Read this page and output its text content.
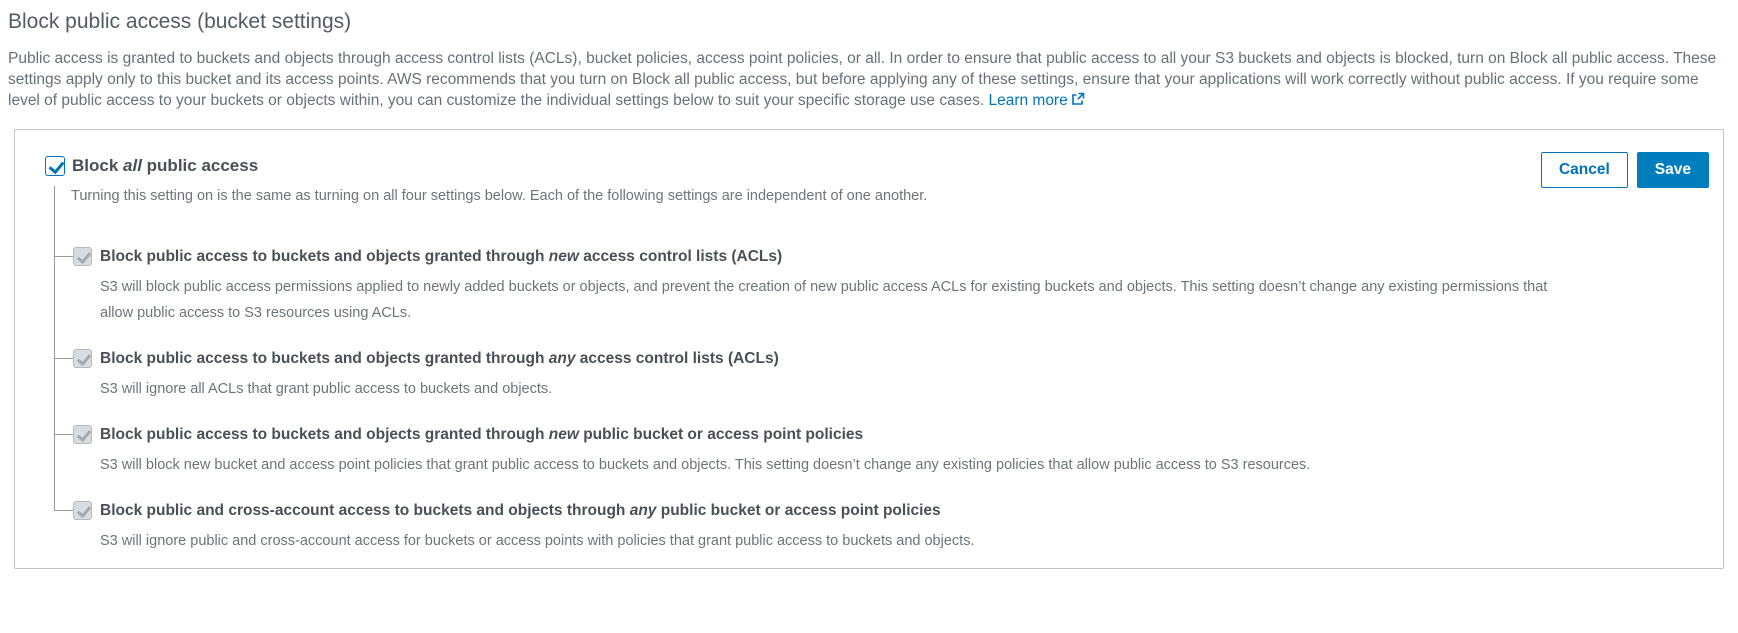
Block public access (bucket settings)

Public access is granted to buckets and objects through access control lists (ACLs), bucket policies, access point policies, or all. In order to ensure that public access to all your S3 buckets and objects is blocked, turn on Block all public access. These settings apply only to this bucket and its access points. AWS recommends that you turn on Block all public access, but before applying any of these settings, ensure that your applications will work correctly without public access. If you require some level of public access to your buckets or objects within, you can customize the individual settings below to suit your specific storage use cases. Learn more

Cancel	Save
Block all public access
Turning this setting on is the same as turning on all four settings below. Each of the following settings are independent of one another.
Block public access to buckets and objects granted through new access control lists (ACLs)
S3 will block public access permissions applied to newly added buckets or objects, and prevent the creation of new public access ACLs for existing buckets and objects. This setting doesn’t change any existing permissions that allow public access to S3 resources using ACLs.
Block public access to buckets and objects granted through any access control lists (ACLs)
S3 will ignore all ACLs that grant public access to buckets and objects.
Block public access to buckets and objects granted through new public bucket or access point policies
S3 will block new bucket and access point policies that grant public access to buckets and objects. This setting doesn’t change any existing policies that allow public access to S3 resources.
Block public and cross-account access to buckets and objects through any public bucket or access point policies
S3 will ignore public and cross-account access for buckets or access points with policies that grant public access to buckets and objects.
